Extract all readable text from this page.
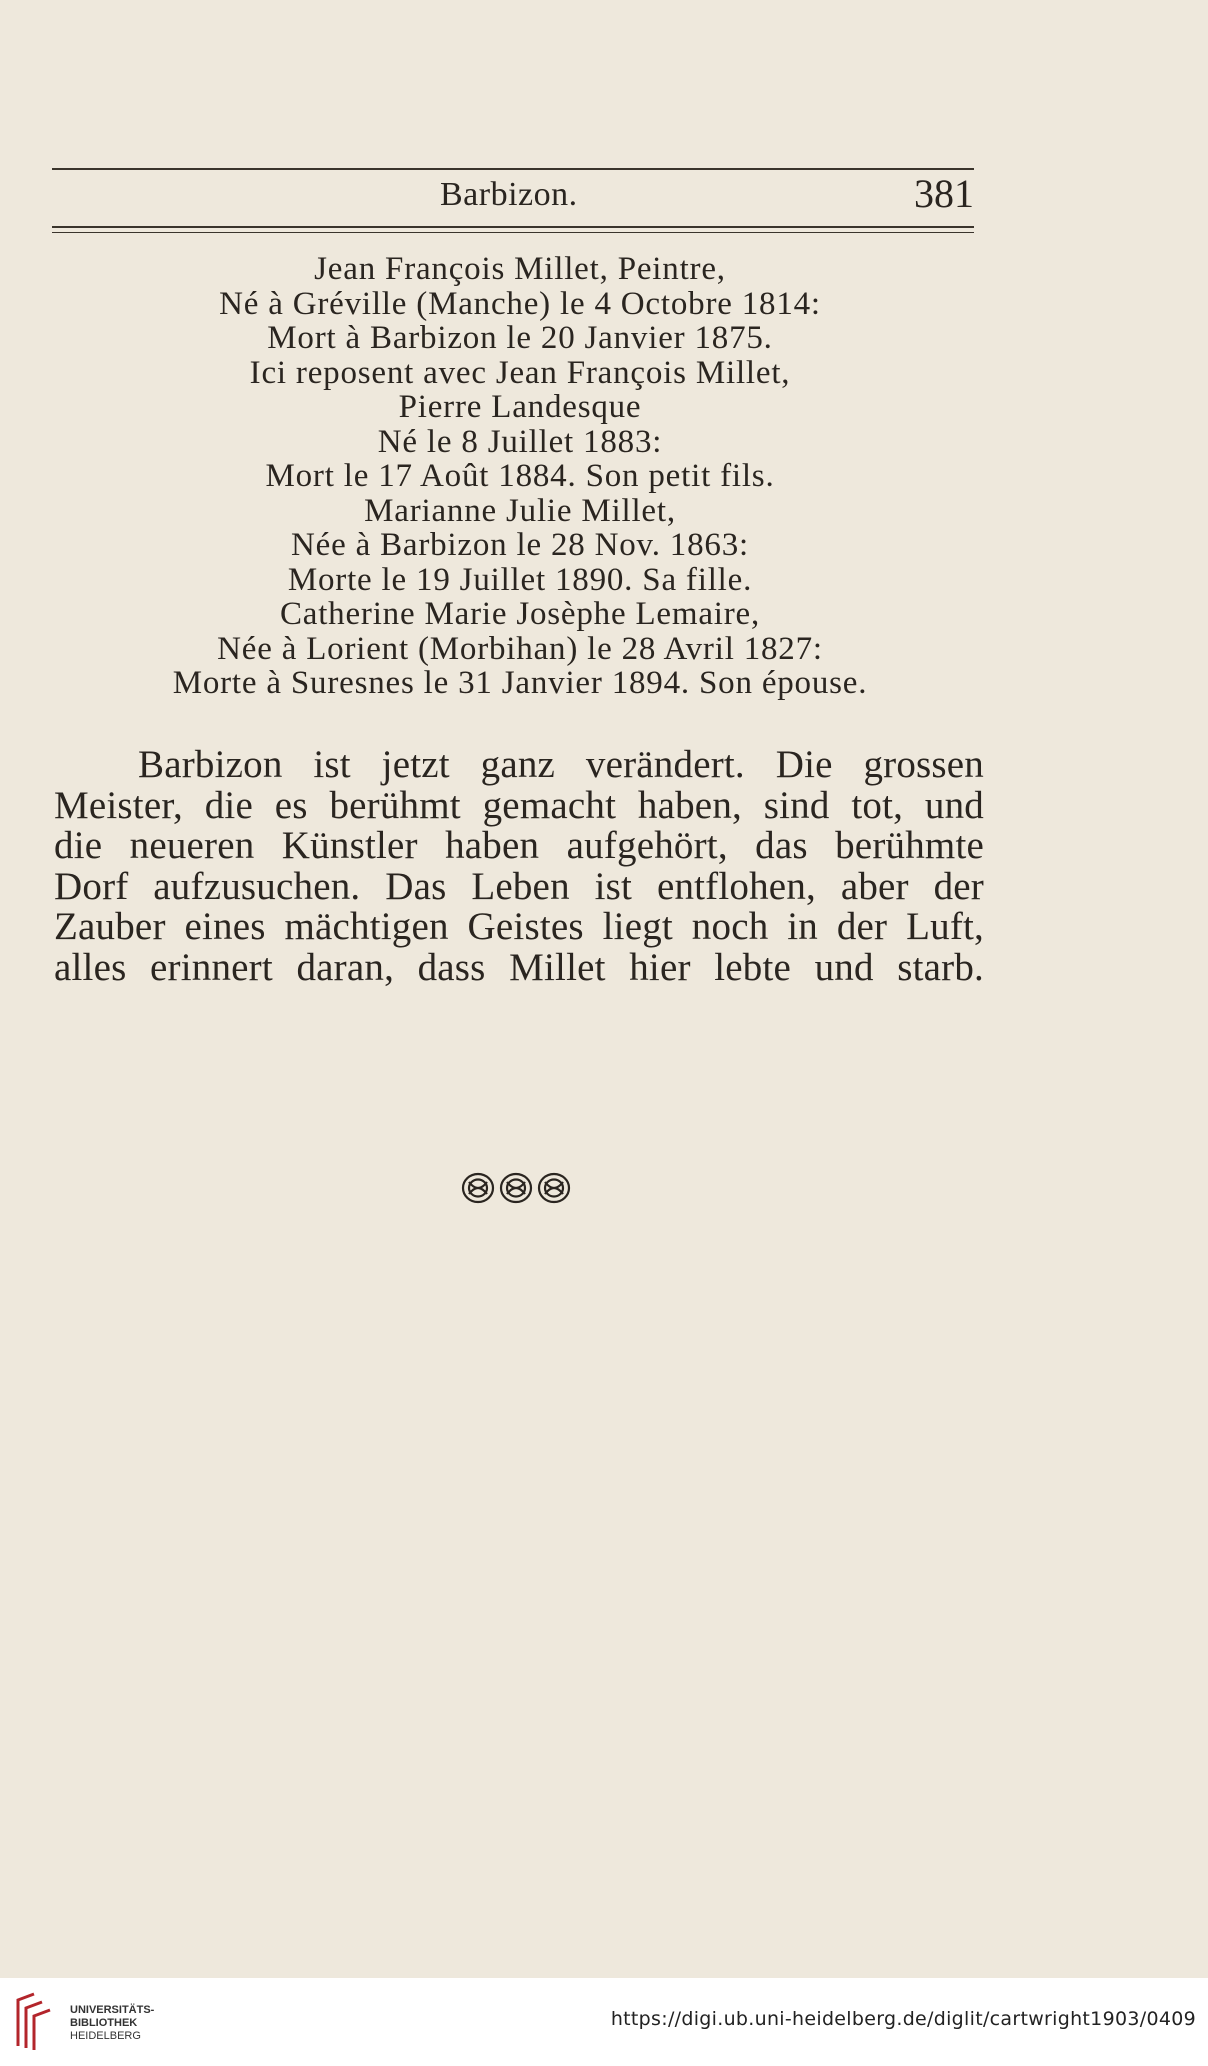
Barbizon.	381
Jean François Millet, Peintre,
Né à Gréville (Manche) le 4 Octobre 1814:
Mort à Barbizon le 20 Janvier 1875.
Ici reposent avec Jean François Millet,
Pierre Landesque
Né le 8 Juillet 1883:
Mort le 17 Août 1884. Son petit fils.
Marianne Julie Millet,
Née à Barbizon le 28 Nov. 1863:
Morte le 19 Juillet 1890. Sa fille.
Catherine Marie Josèphe Lemaire,
Née à Lorient (Morbihan) le 28 Avril 1827:
Morte à Suresnes le 31 Janvier 1894. Son épouse.
Barbizon ist jetzt ganz verändert. Die grossen
Meister, die es berühmt gemacht haben, sind tot, und
die neueren Künstler haben aufgehört, das berühmte
Dorf aufzusuchen. Das Leben ist entflohen, aber der
Zauber eines mächtigen Geistes liegt noch in der Luft,
alles erinnert daran, dass Millet hier lebte und starb.
UNIVERSITÄTS-
BIBLIOTHEK
HEIDELBERG
https://digi.ub.uni-heidelberg.de/diglit/cartwright1903/0409
